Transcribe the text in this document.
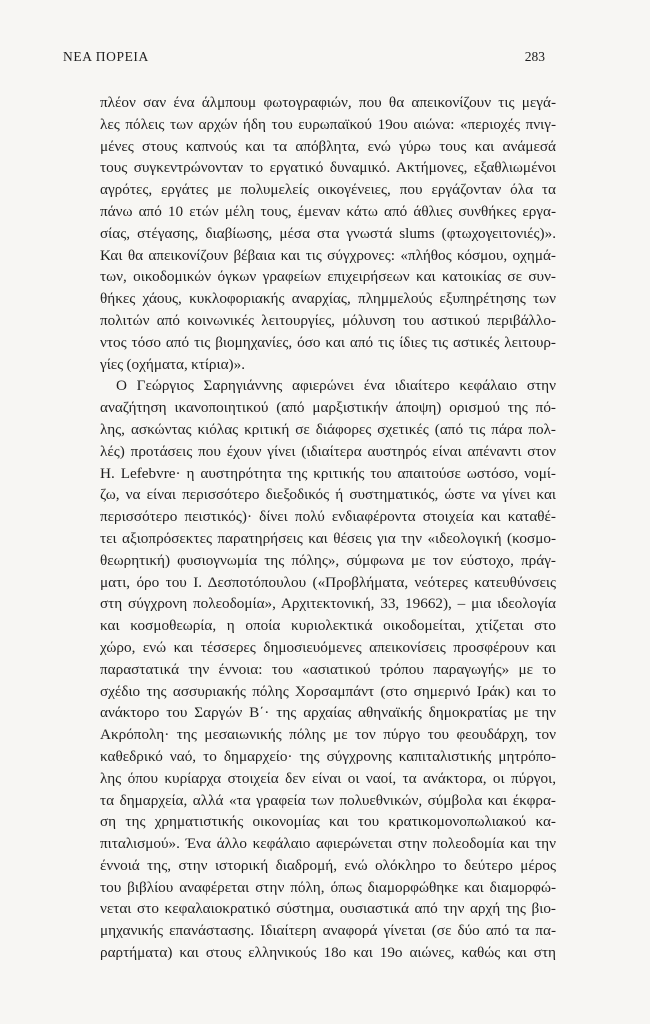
ΝΕΑ ΠΟΡΕΙΑ	283
πλέον σαν ένα άλμπουμ φωτογραφιών, που θα απεικονίζουν τις μεγά-
λες πόλεις των αρχών ήδη του ευρωπαϊκού 19ου αιώνα: «περιοχές πνιγ-
μένες στους καπνούς και τα απόβλητα, ενώ γύρω τους και ανάμεσά
τους συγκεντρώνονταν το εργατικό δυναμικό. Ακτήμονες, εξαθλιωμένοι
αγρότες, εργάτες με πολυμελείς οικογένειες, που εργάζονταν όλα τα
πάνω από 10 ετών μέλη τους, έμεναν κάτω από άθλιες συνθήκες εργα-
σίας, στέγασης, διαβίωσης, μέσα στα γνωστά slums (φτωχογειτονιές)».
Και θα απεικονίζουν βέβαια και τις σύγχρονες: «πλήθος κόσμου, οχημά-
των, οικοδομικών όγκων γραφείων επιχειρήσεων και κατοικίας σε συν-
θήκες χάους, κυκλοφοριακής αναρχίας, πλημμελούς εξυπηρέτησης των
πολιτών από κοινωνικές λειτουργίες, μόλυνση του αστικού περιβάλλο-
ντος τόσο από τις βιομηχανίες, όσο και από τις ίδιες τις αστικές λειτουρ-
γίες (οχήματα, κτίρια)».
Ο Γεώργιος Σαρηγιάννης αφιερώνει ένα ιδιαίτερο κεφάλαιο στην
αναζήτηση ικανοποιητικού (από μαρξιστικήν άποψη) ορισμού της πό-
λης, ασκώντας κιόλας κριτική σε διάφορες σχετικές (από τις πάρα πολ-
λές) προτάσεις που έχουν γίνει (ιδιαίτερα αυστηρός είναι απέναντι στον
Η. Lefebvre· η αυστηρότητα της κριτικής του απαιτούσε ωστόσο, νομί-
ζω, να είναι περισσότερο διεξοδικός ή συστηματικός, ώστε να γίνει και
περισσότερο πειστικός)· δίνει πολύ ενδιαφέροντα στοιχεία και καταθέ-
τει αξιοπρόσεκτες παρατηρήσεις και θέσεις για την «ιδεολογική (κοσμο-
θεωρητική) φυσιογνωμία της πόλης», σύμφωνα με τον εύστοχο, πράγ-
ματι, όρο του Ι. Δεσποτόπουλου («Προβλήματα, νεότερες κατευθύνσεις
στη σύγχρονη πολεοδομία», Αρχιτεκτονική, 33, 19662), – μια ιδεολογία
και κοσμοθεωρία, η οποία κυριολεκτικά οικοδομείται, χτίζεται στο
χώρο, ενώ και τέσσερες δημοσιευόμενες απεικονίσεις προσφέρουν και
παραστατικά την έννοια: του «ασιατικού τρόπου παραγωγής» με το
σχέδιο της ασσυριακής πόλης Χορσαμπάντ (στο σημερινό Ιράκ) και το
ανάκτορο του Σαργών Β΄· της αρχαίας αθηναϊκής δημοκρατίας με την
Ακρόπολη· της μεσαιωνικής πόλης με τον πύργο του φεουδάρχη, τον
καθεδρικό ναό, το δημαρχείο· της σύγχρονης καπιταλιστικής μητρόπο-
λης όπου κυρίαρχα στοιχεία δεν είναι οι ναοί, τα ανάκτορα, οι πύργοι,
τα δημαρχεία, αλλά «τα γραφεία των πολυεθνικών, σύμβολα και έκφρα-
ση της χρηματιστικής οικονομίας και του κρατικομονοπωλιακού κα-
πιταλισμού». Ένα άλλο κεφάλαιο αφιερώνεται στην πολεοδομία και την
έννοιά της, στην ιστορική διαδρομή, ενώ ολόκληρο το δεύτερο μέρος
του βιβλίου αναφέρεται στην πόλη, όπως διαμορφώθηκε και διαμορφώ-
νεται στο κεφαλαιοκρατικό σύστημα, ουσιαστικά από την αρχή της βιο-
μηχανικής επανάστασης. Ιδιαίτερη αναφορά γίνεται (σε δύο από τα πα-
ραρτήματα) και στους ελληνικούς 18ο και 19ο αιώνες, καθώς και στη
